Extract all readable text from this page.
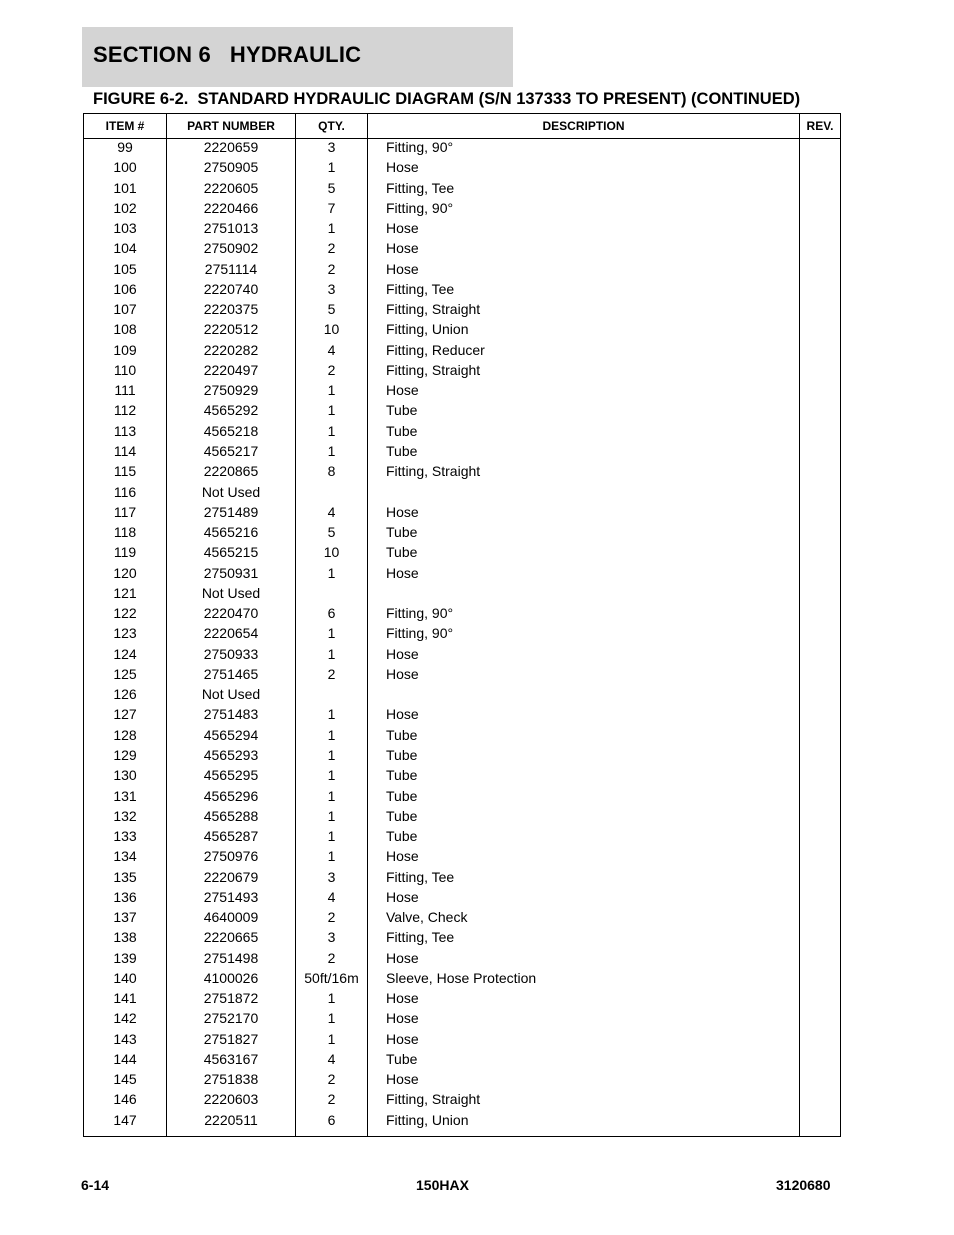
SECTION 6   HYDRAULIC
FIGURE 6-2.  STANDARD HYDRAULIC DIAGRAM (S/N 137333 TO PRESENT) (CONTINUED)
ITEM #	PART NUMBER	QTY.	DESCRIPTION	REV.
99	2220659	3	Fitting, 90°
100	2750905	1	Hose
101	2220605	5	Fitting, Tee
102	2220466	7	Fitting, 90°
103	2751013	1	Hose
104	2750902	2	Hose
105	2751114	2	Hose
106	2220740	3	Fitting, Tee
107	2220375	5	Fitting, Straight
108	2220512	10	Fitting, Union
109	2220282	4	Fitting, Reducer
110	2220497	2	Fitting, Straight
111	2750929	1	Hose
112	4565292	1	Tube
113	4565218	1	Tube
114	4565217	1	Tube
115	2220865	8	Fitting, Straight
116	Not Used
117	2751489	4	Hose
118	4565216	5	Tube
119	4565215	10	Tube
120	2750931	1	Hose
121	Not Used
122	2220470	6	Fitting, 90°
123	2220654	1	Fitting, 90°
124	2750933	1	Hose
125	2751465	2	Hose
126	Not Used
127	2751483	1	Hose
128	4565294	1	Tube
129	4565293	1	Tube
130	4565295	1	Tube
131	4565296	1	Tube
132	4565288	1	Tube
133	4565287	1	Tube
134	2750976	1	Hose
135	2220679	3	Fitting, Tee
136	2751493	4	Hose
137	4640009	2	Valve, Check
138	2220665	3	Fitting, Tee
139	2751498	2	Hose
140	4100026	50ft/16m	Sleeve, Hose Protection
141	2751872	1	Hose
142	2752170	1	Hose
143	2751827	1	Hose
144	4563167	4	Tube
145	2751838	2	Hose
146	2220603	2	Fitting, Straight
147	2220511	6	Fitting, Union
6-14	150HAX	3120680
